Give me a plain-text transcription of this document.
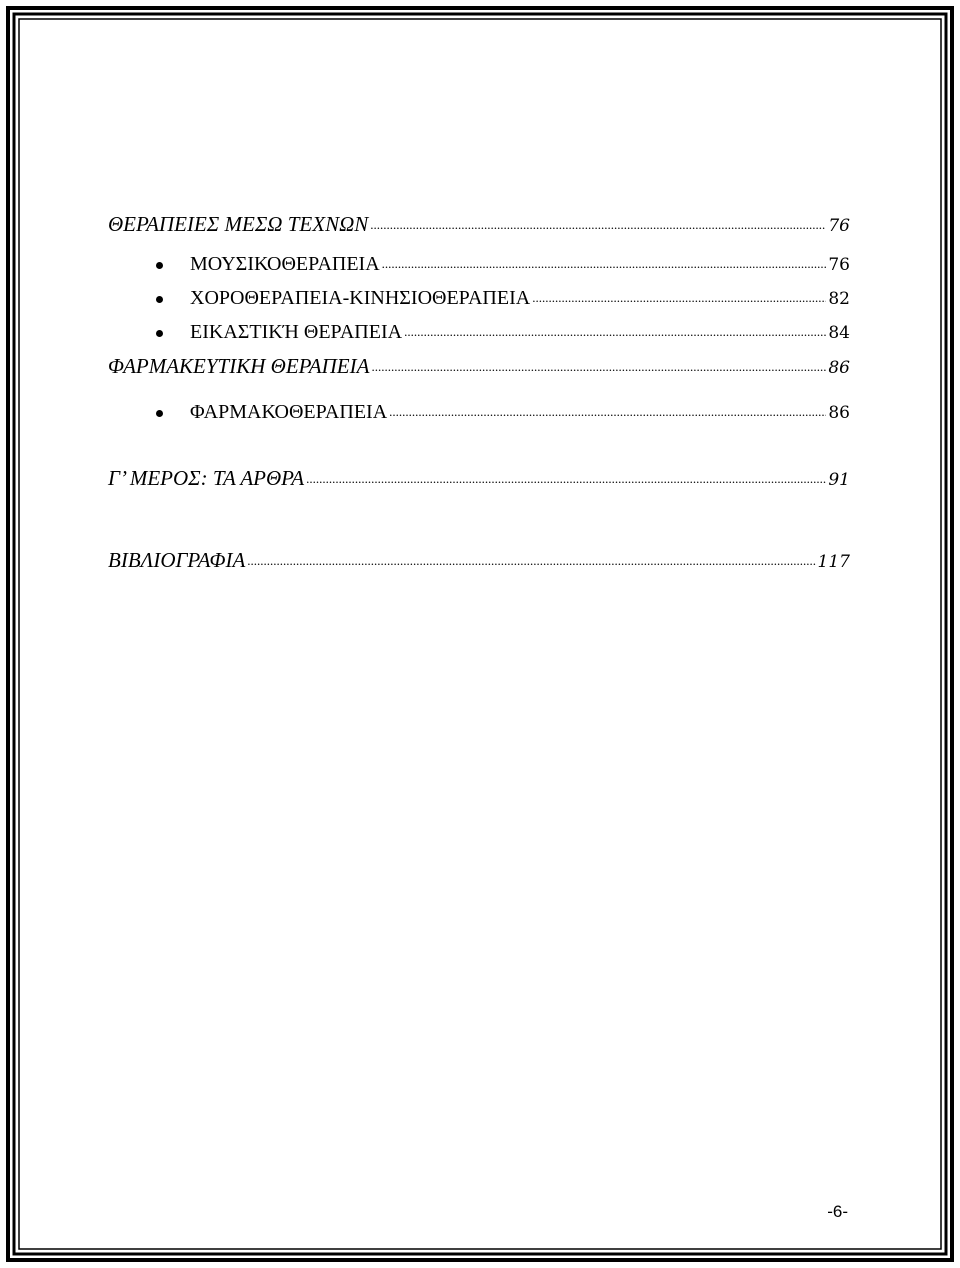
ΘΕΡΑΠΕΙΕΣ ΜΕΣΩ ΤΕΧΝΩΝ .....	76
ΜΟΥΣΙΚΟΘΕΡΑΠΕΙΑ .....	76
ΧΟΡΟΘΕΡΑΠΕΙΑ-ΚΙΝΗΣΙΟΘΕΡΑΠΕΙΑ .....	82
ΕΙΚΑΣΤΙΚΉ ΘΕΡΑΠΕΙΑ .....	84
ΦΑΡΜΑΚΕΥΤΙΚΗ ΘΕΡΑΠΕΙΑ .....	86
ΦΑΡΜΑΚΟΘΕΡΑΠΕΙΑ .....	86
Γ’ ΜΕΡΟΣ: ΤΑ ΑΡΘΡΑ .....	91
ΒΙΒΛΙΟΓΡΑΦΙΑ .....	117
-6-
